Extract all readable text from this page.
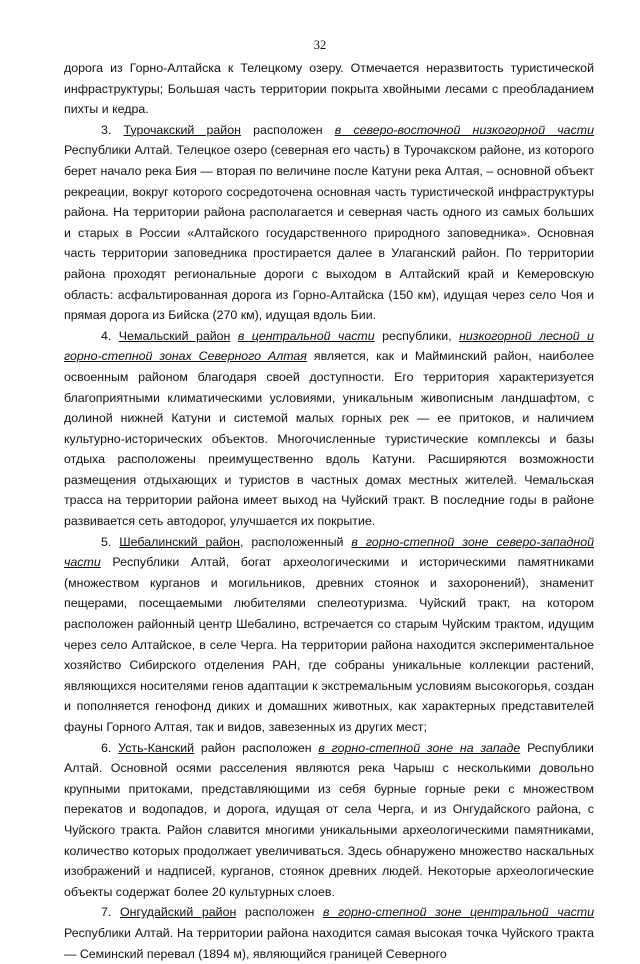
32

дорога из Горно-Алтайска к Телецкому озеру. Отмечается неразвитость туристической инфраструктуры; Большая часть территории покрыта хвойными лесами с преобладанием пихты и кедра.

3. Турочакский район расположен в северо-восточной низкогорной части Республики Алтай. Телецкое озеро (северная его часть) в Турочакском районе, из которого берет начало река Бия — вторая по величине после Катуни река Алтая, – основной объект рекреации, вокруг которого сосредоточена основная часть туристической инфраструктуры района. На территории района располагается и северная часть одного из самых больших и старых в России «Алтайского государственного природного заповедника». Основная часть территории заповедника простирается далее в Улаганский район. По территории района проходят региональные дороги с выходом в Алтайский край и Кемеровскую область: асфальтированная дорога из Горно-Алтайска (150 км), идущая через село Чоя и прямая дорога из Бийска (270 км), идущая вдоль Бии.

4. Чемальский район в центральной части республики, низкогорной лесной и горно-степной зонах Северного Алтая является, как и Майминский район, наиболее освоенным районом благодаря своей доступности. Его территория характеризуется благоприятными климатическими условиями, уникальным живописным ландшафтом, с долиной нижней Катуни и системой малых горных рек — ее притоков, и наличием культурно-исторических объектов. Многочисленные туристические комплексы и базы отдыха расположены преимущественно вдоль Катуни. Расширяются возможности размещения отдыхающих и туристов в частных домах местных жителей. Чемальская трасса на территории района имеет выход на Чуйский тракт. В последние годы в районе развивается сеть автодорог, улучшается их покрытие.

5. Шебалинский район, расположенный в горно-степной зоне северо-западной части Республики Алтай, богат археологическими и историческими памятниками (множеством курганов и могильников, древних стоянок и захоронений), знаменит пещерами, посещаемыми любителями спелеотуризма. Чуйский тракт, на котором расположен районный центр Шебалино, встречается со старым Чуйским трактом, идущим через село Алтайское, в селе Черга. На территории района находится экспериментальное хозяйство Сибирского отделения РАН, где собраны уникальные коллекции растений, являющихся носителями генов адаптации к экстремальным условиям высокогорья, создан и пополняется генофонд диких и домашних животных, как характерных представителей фауны Горного Алтая, так и видов, завезенных из других мест;

6. Усть-Канский район расположен в горно-степной зоне на западе Республики Алтай. Основной осями расселения являются река Чарыш с несколькими довольно крупными притоками, представляющими из себя бурные горные реки с множеством перекатов и водопадов, и дорога, идущая от села Черга, и из Онгудайского района, с Чуйского тракта. Район славится многими уникальными археологическими памятниками, количество которых продолжает увеличиваться. Здесь обнаружено множество наскальных изображений и надписей, курганов, стоянок древних людей. Некоторые археологические объекты содержат более 20 культурных слоев.

7. Онгудайский район расположен в горно-степной зоне центральной части Республики Алтай. На территории района находится самая высокая точка Чуйского тракта — Семинский перевал (1894 м), являющийся границей Северного
